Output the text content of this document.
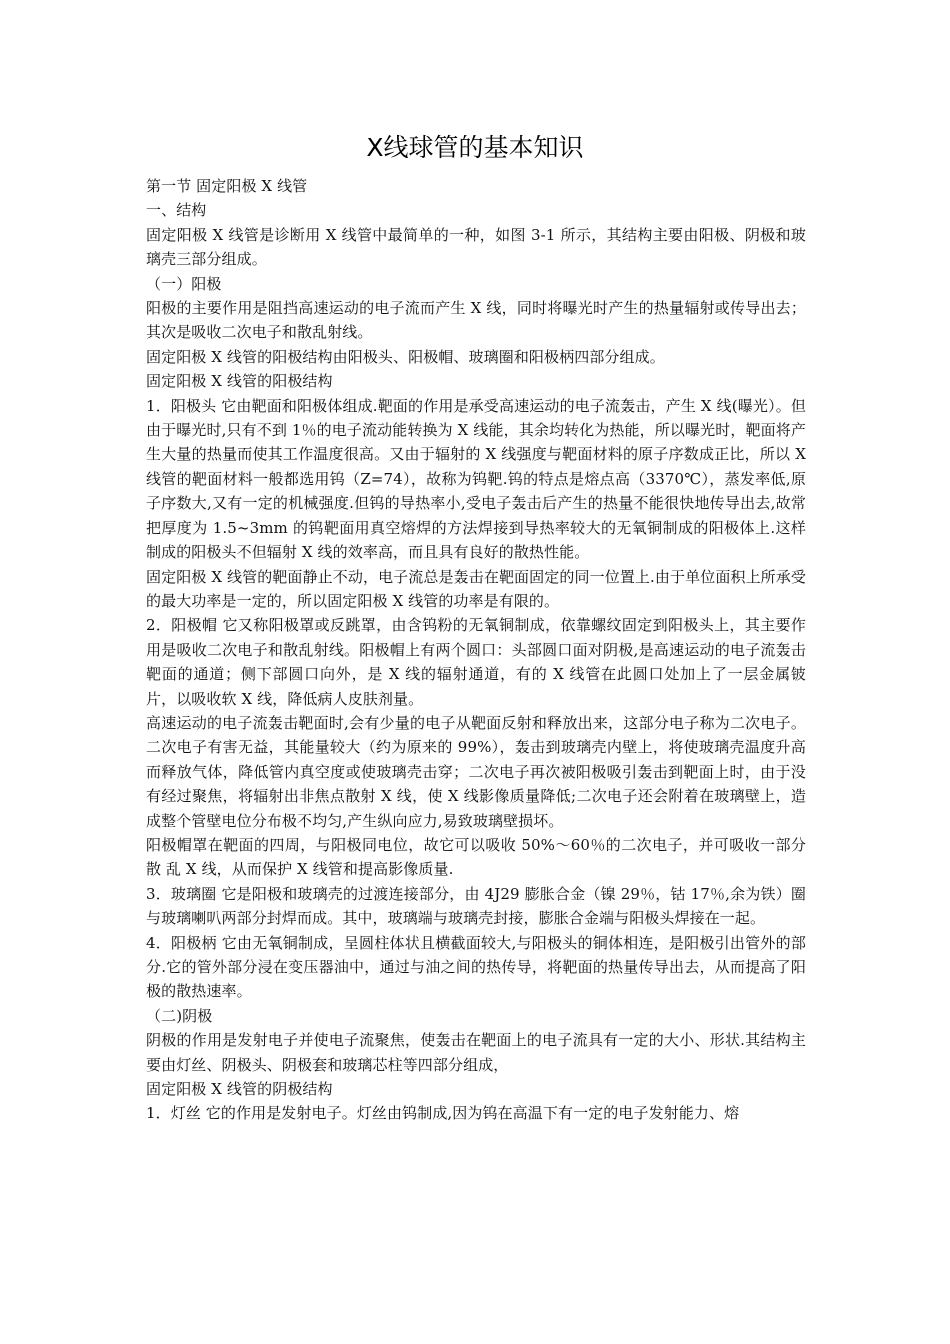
X线球管的基本知识

第一节 固定阳极 X 线管

一、结构

固定阳极 X 线管是诊断用 X 线管中最简单的一种，如图 3-1 所示，其结构主要由阳极、阴极和玻璃壳三部分组成。

（一）阳极

阳极的主要作用是阻挡高速运动的电子流而产生 X 线，同时将曝光时产生的热量辐射或传导出去；其次是吸收二次电子和散乱射线。

固定阳极 X 线管的阳极结构由阳极头、阳极帽、玻璃圈和阳极柄四部分组成。

固定阳极 X 线管的阳极结构

1．阳极头 它由靶面和阳极体组成.靶面的作用是承受高速运动的电子流轰击，产生 X 线(曝光）。但由于曝光时,只有不到 1％的电子流动能转换为 X 线能，其余均转化为热能，所以曝光时，靶面将产生大量的热量而使其工作温度很高。又由于辐射的 X 线强度与靶面材料的原子序数成正比，所以 X 线管的靶面材料一般都选用钨（Z=74），故称为钨靶.钨的特点是熔点高（3370℃），蒸发率低,原子序数大,又有一定的机械强度.但钨的导热率小,受电子轰击后产生的热量不能很快地传导出去,故常把厚度为 1.5~3mm 的钨靶面用真空熔焊的方法焊接到导热率较大的无氧铜制成的阳极体上.这样制成的阳极头不但辐射 X 线的效率高，而且具有良好的散热性能。

固定阳极 X 线管的靶面静止不动，电子流总是轰击在靶面固定的同一位置上.由于单位面积上所承受的最大功率是一定的，所以固定阳极 X 线管的功率是有限的。

2．阳极帽 它又称阳极罩或反跳罩，由含钨粉的无氧铜制成，依靠螺纹固定到阳极头上，其主要作用是吸收二次电子和散乱射线。阳极帽上有两个圆口：头部圆口面对阴极,是高速运动的电子流轰击靶面的通道；侧下部圆口向外，是 X 线的辐射通道，有的 X 线管在此圆口处加上了一层金属铍片，以吸收软 X 线，降低病人皮肤剂量。

高速运动的电子流轰击靶面时,会有少量的电子从靶面反射和释放出来，这部分电子称为二次电子。二次电子有害无益，其能量较大（约为原来的 99%），轰击到玻璃壳内壁上，将使玻璃壳温度升高而释放气体，降低管内真空度或使玻璃壳击穿；二次电子再次被阳极吸引轰击到靶面上时，由于没有经过聚焦，将辐射出非焦点散射 X 线，使 X 线影像质量降低;二次电子还会附着在玻璃壁上，造成整个管壁电位分布极不均匀,产生纵向应力,易致玻璃壁损坏。

阳极帽罩在靶面的四周，与阳极同电位，故它可以吸收 50%～60％的二次电子，并可吸收一部分散 乱 X 线，从而保护 X 线管和提高影像质量.

3．玻璃圈 它是阳极和玻璃壳的过渡连接部分，由 4J29 膨胀合金（镍 29％，钴 17％,余为铁）圈与玻璃喇叭两部分封焊而成。其中，玻璃端与玻璃壳封接，膨胀合金端与阳极头焊接在一起。

4．阳极柄 它由无氧铜制成，呈圆柱体状且横截面较大,与阳极头的铜体相连，是阳极引出管外的部分.它的管外部分浸在变压器油中，通过与油之间的热传导，将靶面的热量传导出去，从而提高了阳极的散热速率。

（二)阴极

阴极的作用是发射电子并使电子流聚焦，使轰击在靶面上的电子流具有一定的大小、形状.其结构主要由灯丝、阴极头、阴极套和玻璃芯柱等四部分组成，

固定阳极 X 线管的阴极结构

1．灯丝 它的作用是发射电子。灯丝由钨制成,因为钨在高温下有一定的电子发射能力、熔
